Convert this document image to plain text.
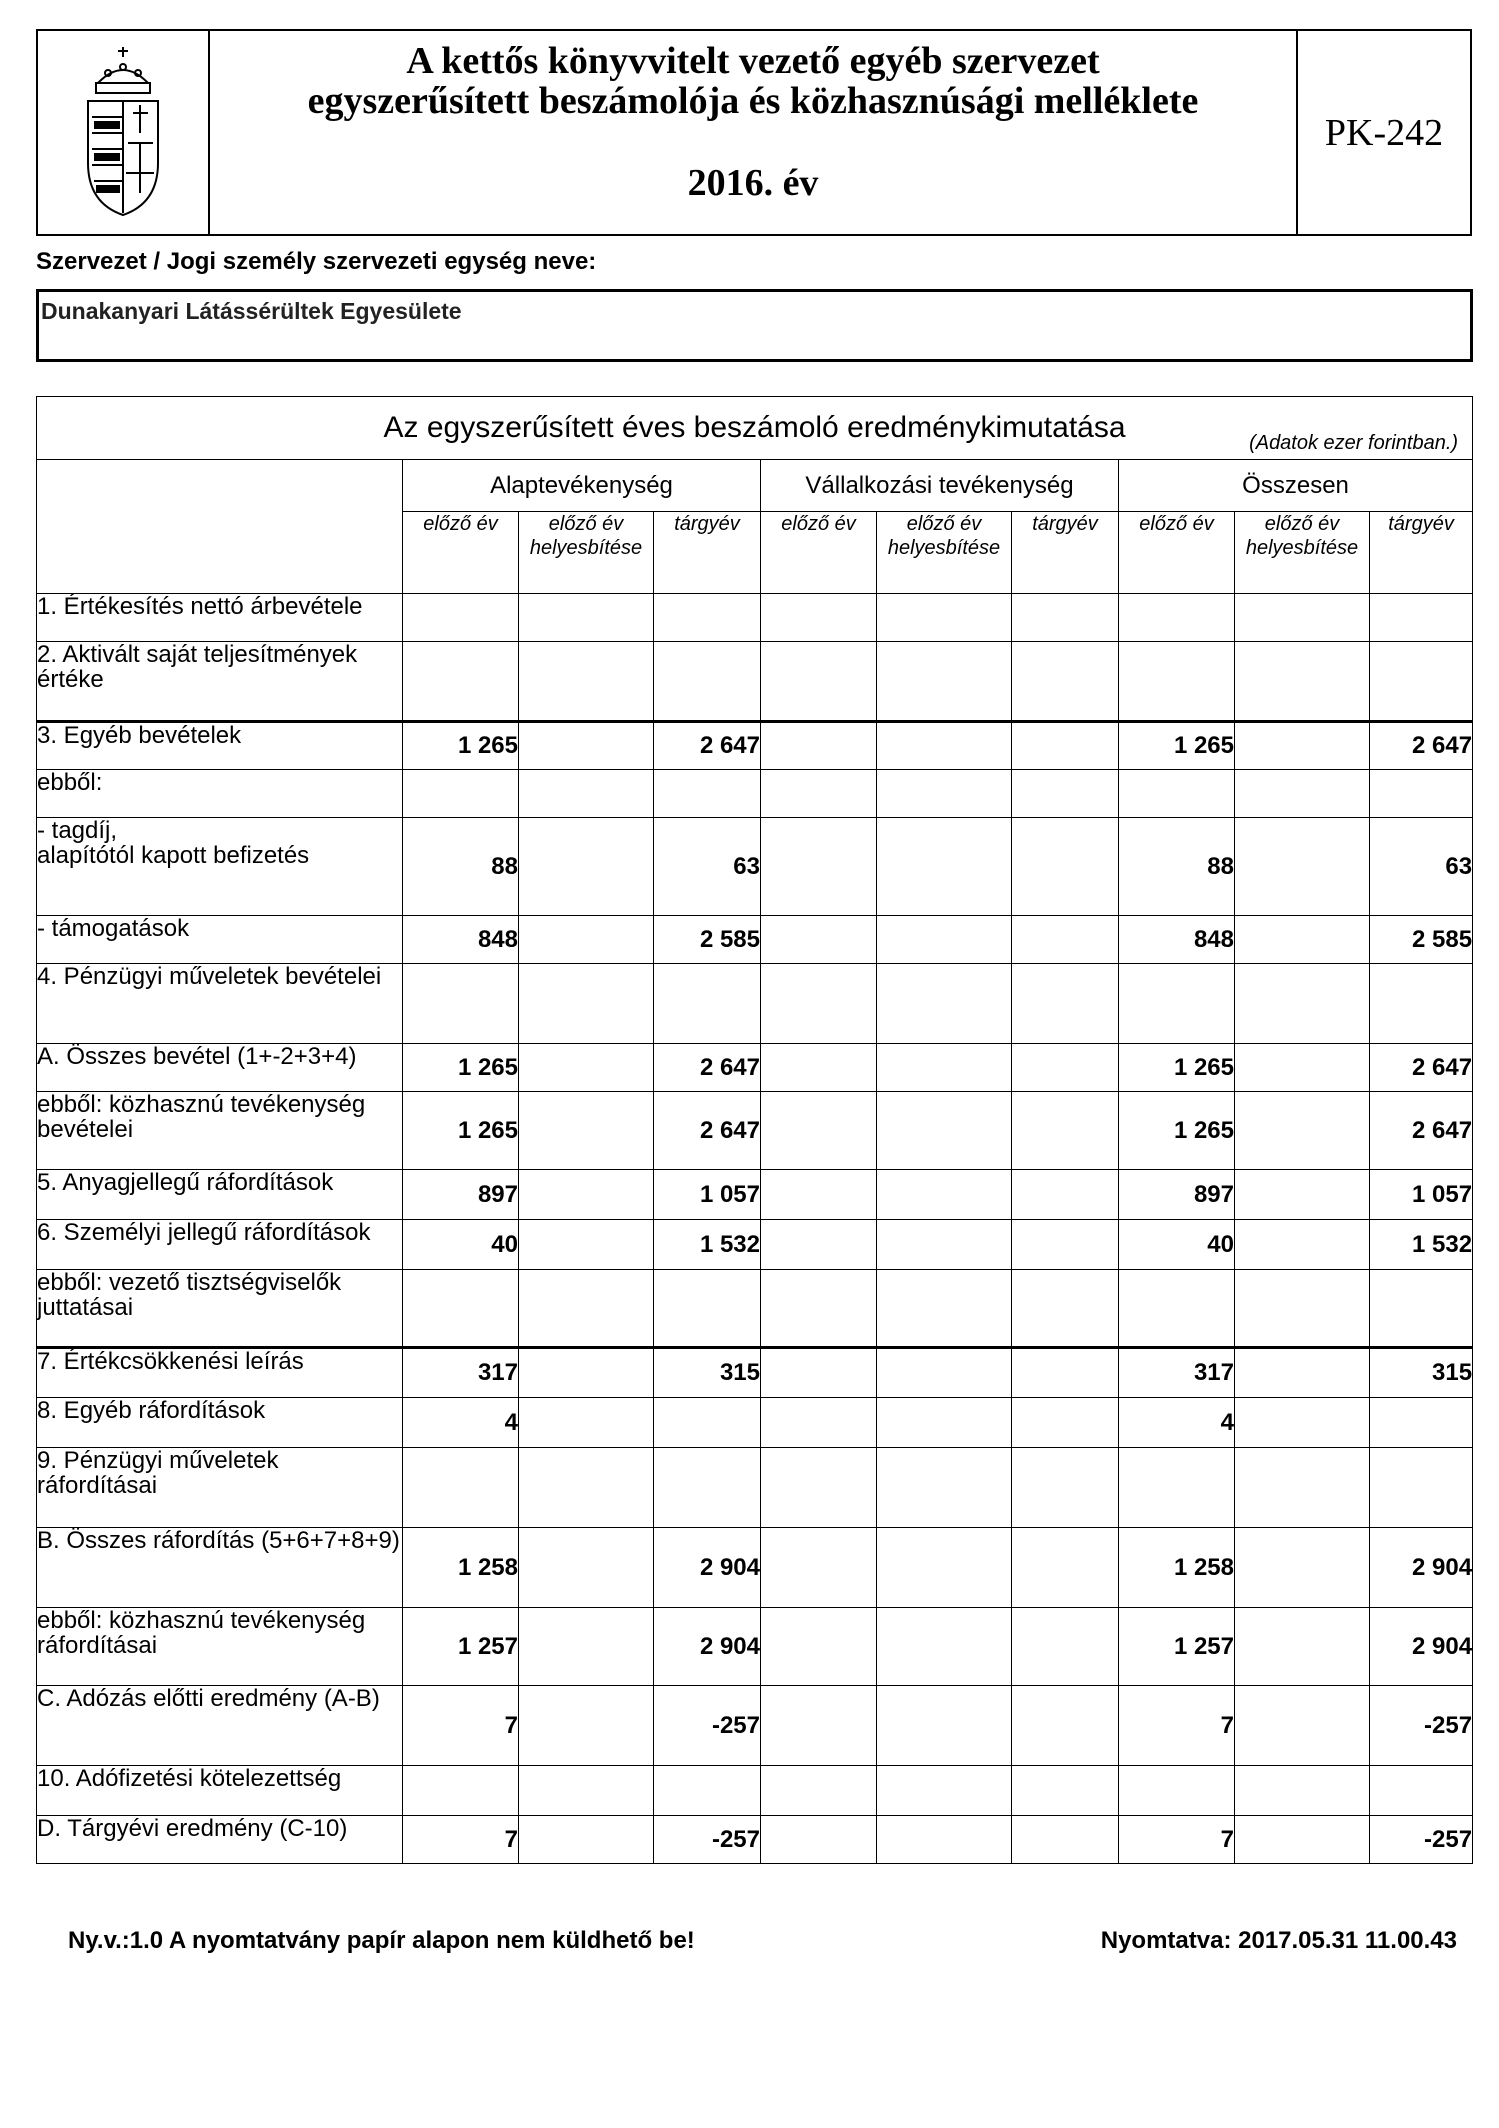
A kettős könyvvitelt vezető egyéb szervezet
egyszerűsített beszámolója és közhasznúsági melléklete
2016. év
PK-242
Szervezet / Jogi személy szervezeti egység neve:
Dunakanyari Látássérültek Egyesülete
Az egyszerűsített éves beszámoló eredménykimutatása (Adatok ezer forintban.)									

	Alaptevékenység			Vállalkozási tevékenység			Összesen		
	előző év	előző év helyesbítése	tárgyév	előző év	előző év helyesbítése	tárgyév	előző év	előző év helyesbítése	tárgyév
1. Értékesítés nettó árbevétele									
2. Aktivált saját teljesítmények értéke									
3. Egyéb bevételek	1 265		2 647				1 265		2 647
ebből:									
- tagdíj,
alapítótól kapott befizetés	88		63				88		63
- támogatások	848		2 585				848		2 585
4. Pénzügyi műveletek bevételei									
A. Összes bevétel (1+-2+3+4)	1 265		2 647				1 265		2 647
ebből: közhasznú tevékenység bevételei	1 265		2 647				1 265		2 647
5. Anyagjellegű ráfordítások	897		1 057				897		1 057
6. Személyi jellegű ráfordítások	40		1 532				40		1 532
ebből: vezető tisztségviselők juttatásai									
7. Értékcsökkenési leírás	317		315				317		315
8. Egyéb ráfordítások	4						4		
9. Pénzügyi műveletek ráfordításai									
B. Összes ráfordítás (5+6+7+8+9)	1 258		2 904				1 258		2 904
ebből: közhasznú tevékenység ráfordításai	1 257		2 904				1 257		2 904
C. Adózás előtti eredmény (A-B)	7		-257				7		-257
10. Adófizetési kötelezettség									
D. Tárgyévi eredmény (C-10)	7		-257				7		-257
Ny.v.:1.0 A nyomtatvány papír alapon nem küldhető be!	Nyomtatva: 2017.05.31 11.00.43
